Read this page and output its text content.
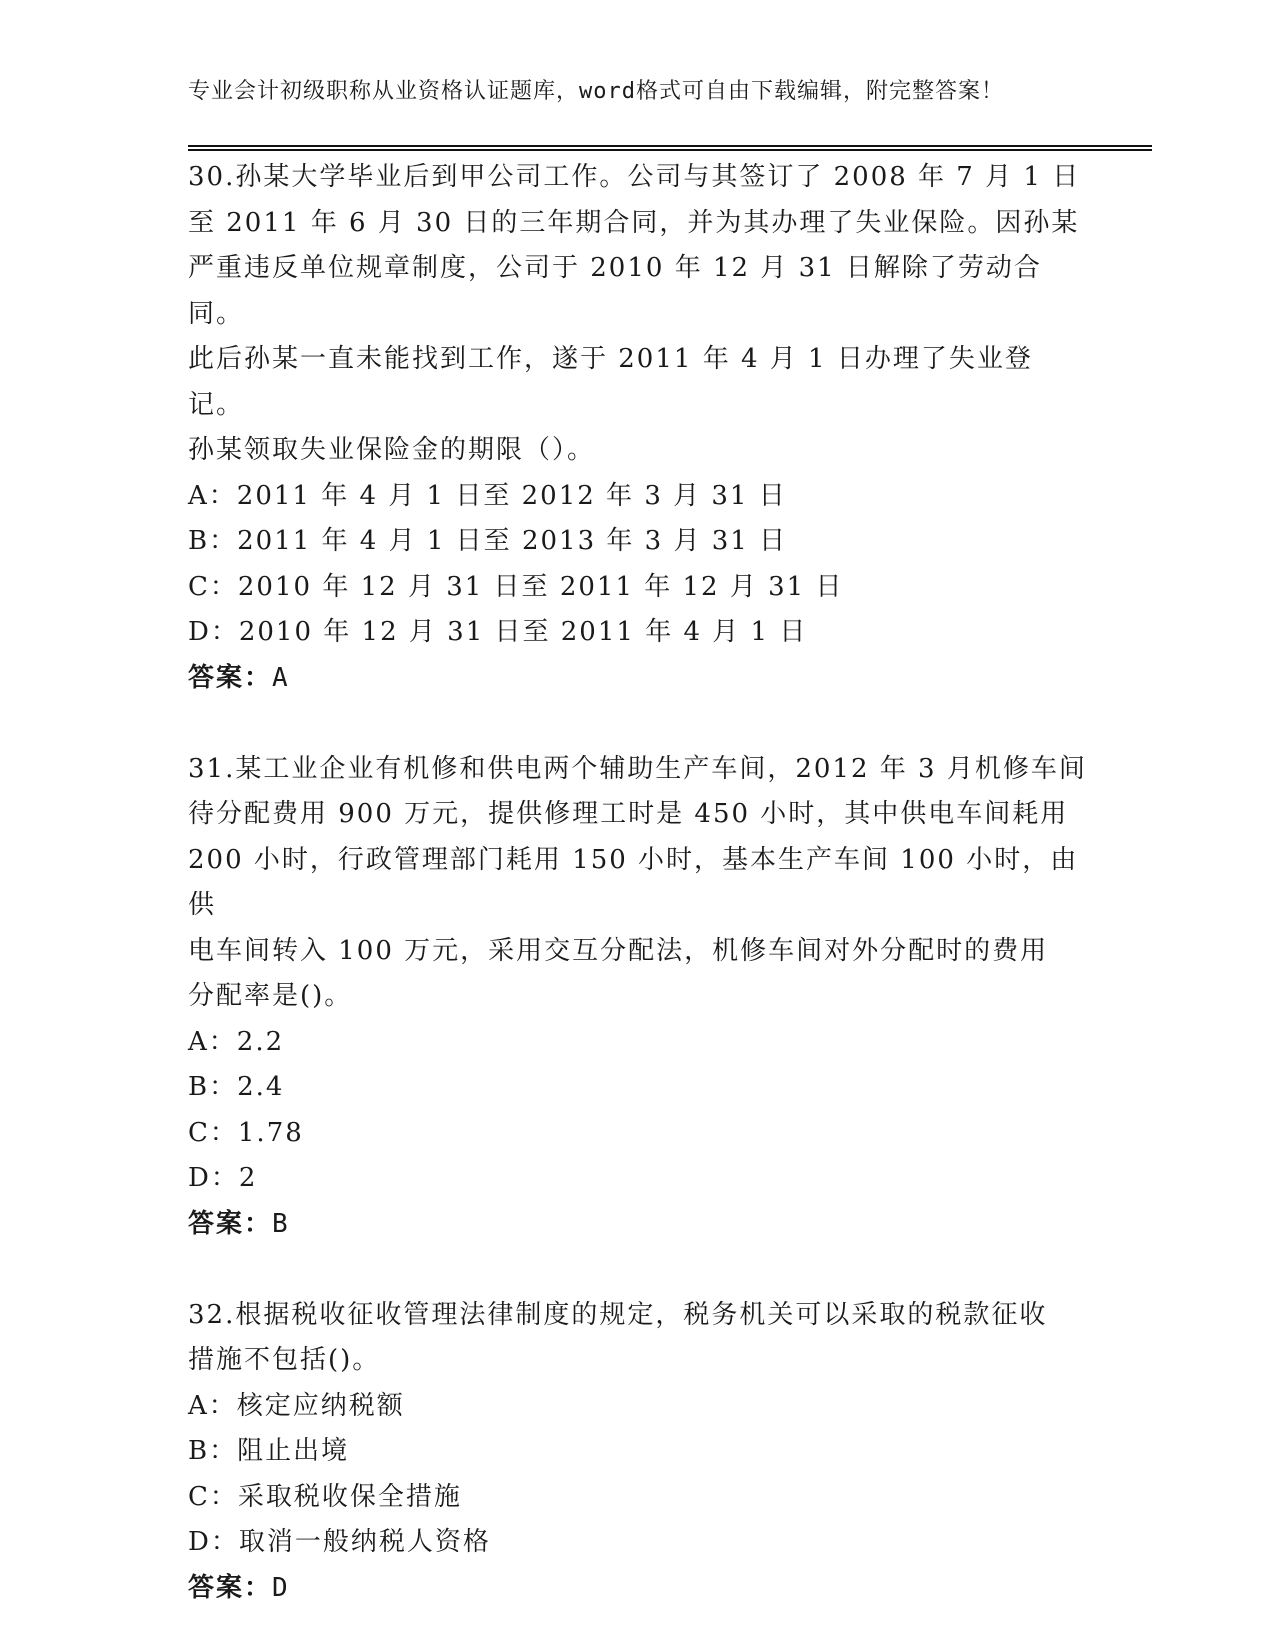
专业会计初级职称从业资格认证题库，word格式可自由下载编辑，附完整答案！

30.孙某大学毕业后到甲公司工作。公司与其签订了 2008 年 7 月 1 日

至 2011 年 6 月 30 日的三年期合同，并为其办理了失业保险。因孙某

严重违反单位规章制度，公司于 2010 年 12 月 31 日解除了劳动合同。

此后孙某一直未能找到工作，遂于 2011 年 4 月 1 日办理了失业登记。

孙某领取失业保险金的期限（）。

A：2011 年 4 月 1 日至 2012 年 3 月 31 日

B：2011 年 4 月 1 日至 2013 年 3 月 31 日

C：2010 年 12 月 31 日至 2011 年 12 月 31 日

D：2010 年 12 月 31 日至 2011 年 4 月 1 日

答案：A

31.某工业企业有机修和供电两个辅助生产车间，2012 年 3 月机修车间

待分配费用 900 万元，提供修理工时是 450 小时，其中供电车间耗用

200 小时，行政管理部门耗用 150 小时，基本生产车间 100 小时，由供

电车间转入 100 万元，采用交互分配法，机修车间对外分配时的费用

分配率是()。

A：2.2

B：2.4

C：1.78

D：2

答案：B

32.根据税收征收管理法律制度的规定，税务机关可以采取的税款征收

措施不包括()。

A：核定应纳税额

B：阻止出境

C：采取税收保全措施

D：取消一般纳税人资格

答案：D
